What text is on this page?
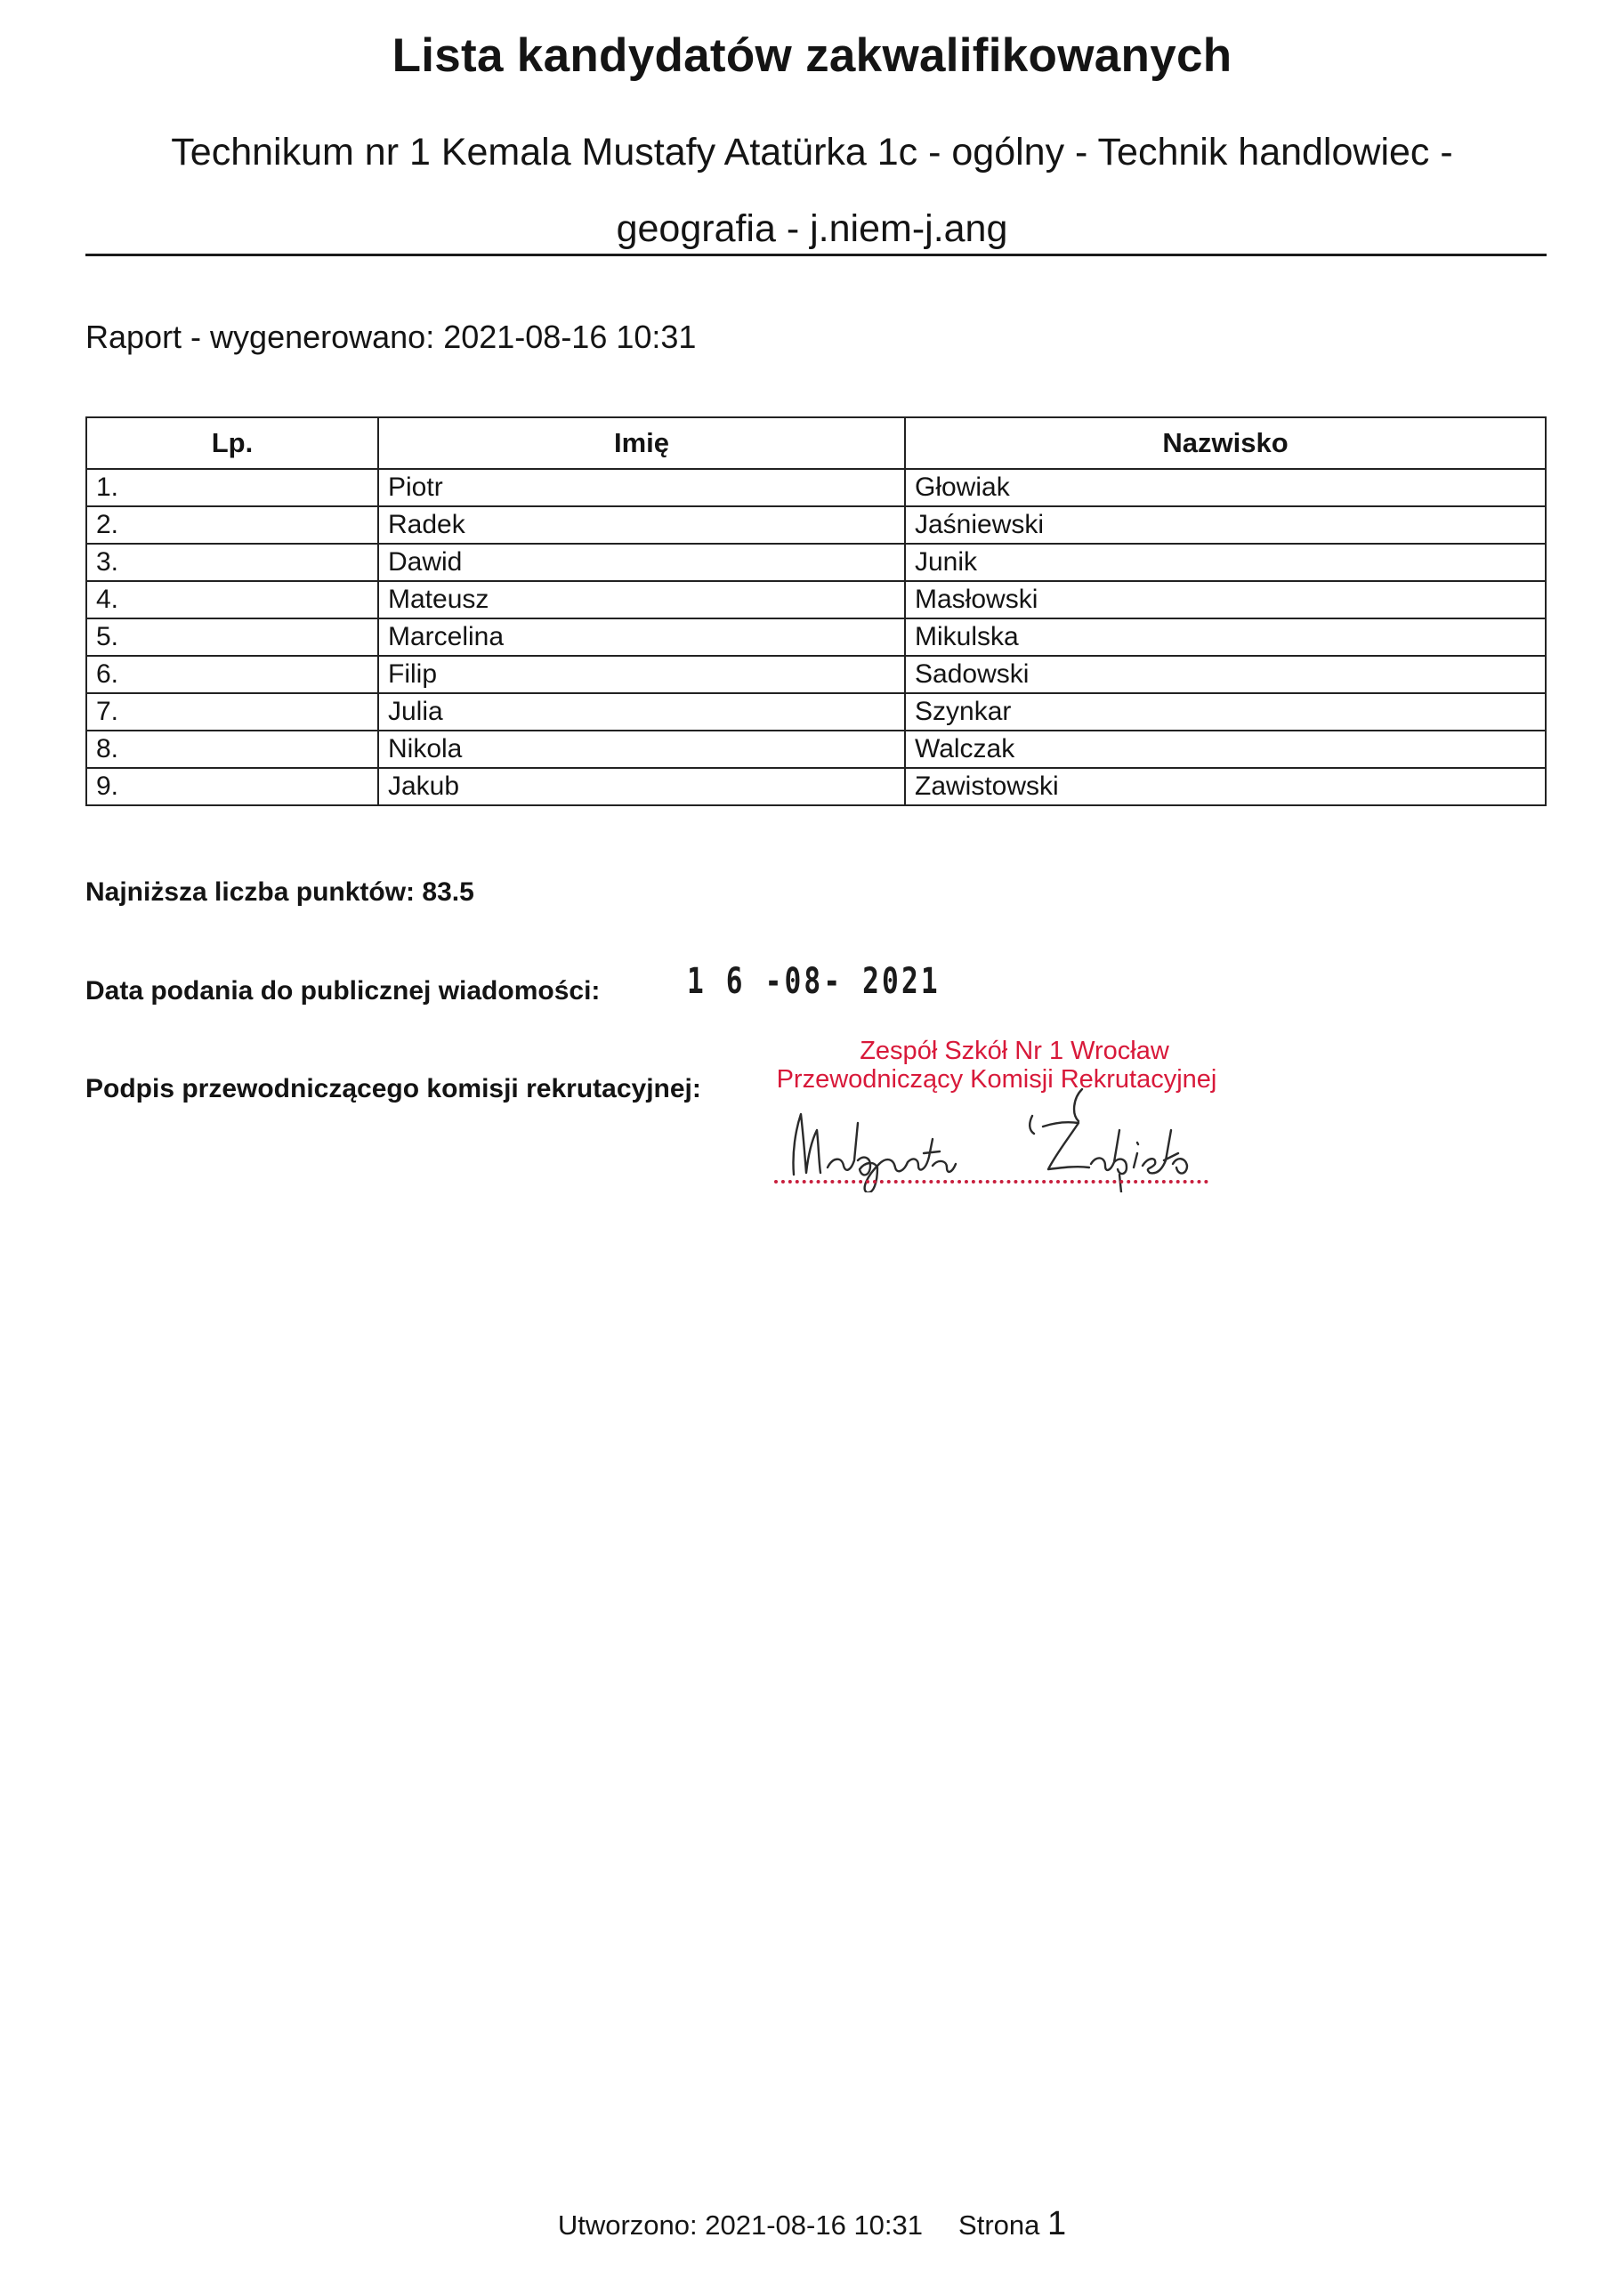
Lista kandydatów zakwalifikowanych
Technikum nr 1 Kemala Mustafy Atatürka 1c - ogólny - Technik handlowiec -
geografia - j.niem-j.ang
Raport - wygenerowano: 2021-08-16 10:31
Lp.	Imię	Nazwisko
1.	Piotr	Głowiak
2.	Radek	Jaśniewski
3.	Dawid	Junik
4.	Mateusz	Masłowski
5.	Marcelina	Mikulska
6.	Filip	Sadowski
7.	Julia	Szynkar
8.	Nikola	Walczak
9.	Jakub	Zawistowski
Najniższa liczba punktów: 83.5
Data podania do publicznej wiadomości: 1 6 -08- 2021
Podpis przewodniczącego komisji rekrutacyjnej:
Zespół Szkół Nr 1 Wrocław
Przewodniczący Komisji Rekrutacyjnej
Utworzono: 2021-08-16 10:31 Strona 1
